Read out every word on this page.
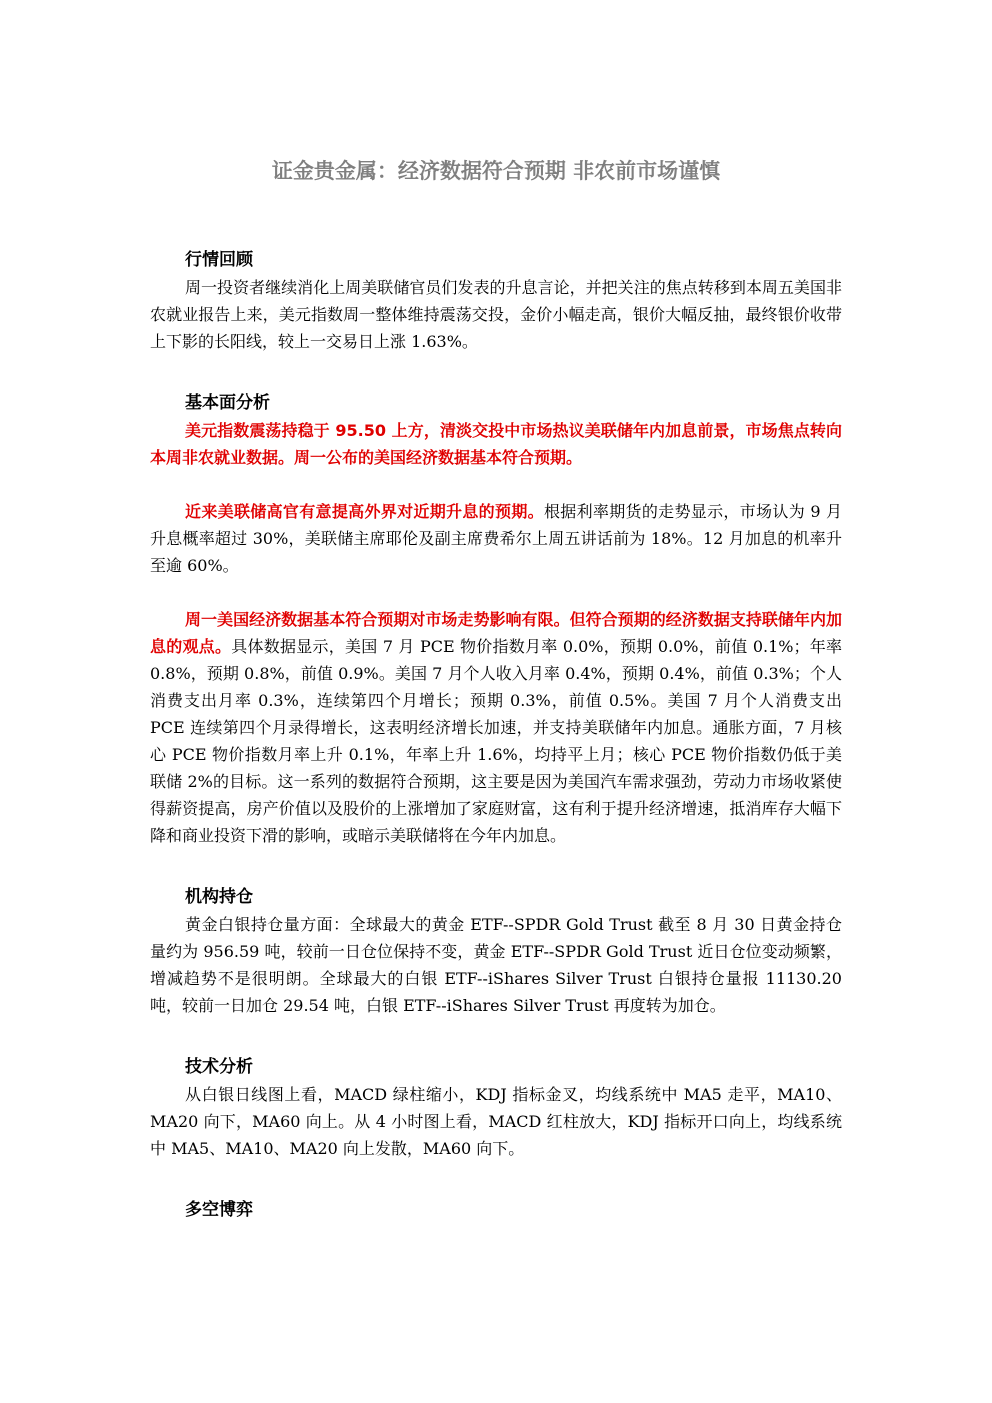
证金贵金属：经济数据符合预期 非农前市场谨慎
行情回顾

周一投资者继续消化上周美联储官员们发表的升息言论，并把关注的焦点转移到本周五美国非农就业报告上来，美元指数周一整体维持震荡交投，金价小幅走高，银价大幅反抽，最终银价收带上下影的长阳线，较上一交易日上涨 1.63%。

基本面分析

美元指数震荡持稳于 95.50 上方，清淡交投中市场热议美联储年内加息前景，市场焦点转向本周非农就业数据。周一公布的美国经济数据基本符合预期。

近来美联储高官有意提高外界对近期升息的预期。根据利率期货的走势显示，市场认为 9 月升息概率超过 30%，美联储主席耶伦及副主席费希尔上周五讲话前为 18%。12 月加息的机率升至逾 60%。

周一美国经济数据基本符合预期对市场走势影响有限。但符合预期的经济数据支持联储年内加息的观点。具体数据显示，美国 7 月 PCE 物价指数月率 0.0%，预期 0.0%，前值 0.1%；年率 0.8%，预期 0.8%，前值 0.9%。美国 7 月个人收入月率 0.4%，预期 0.4%，前值 0.3%；个人消费支出月率 0.3%，连续第四个月增长；预期 0.3%，前值 0.5%。美国 7 月个人消费支出 PCE 连续第四个月录得增长，这表明经济增长加速，并支持美联储年内加息。通胀方面，7 月核心 PCE 物价指数月率上升 0.1%，年率上升 1.6%，均持平上月；核心 PCE 物价指数仍低于美联储 2%的目标。这一系列的数据符合预期，这主要是因为美国汽车需求强劲，劳动力市场收紧使得薪资提高，房产价值以及股价的上涨增加了家庭财富，这有利于提升经济增速，抵消库存大幅下降和商业投资下滑的影响，或暗示美联储将在今年内加息。

机构持仓

黄金白银持仓量方面：全球最大的黄金 ETF--SPDR Gold Trust 截至 8 月 30 日黄金持仓量约为 956.59 吨，较前一日仓位保持不变，黄金 ETF--SPDR Gold Trust 近日仓位变动频繁，增减趋势不是很明朗。全球最大的白银 ETF--iShares Silver Trust 白银持仓量报 11130.20 吨，较前一日加仓 29.54 吨，白银 ETF--iShares Silver Trust 再度转为加仓。

技术分析

从白银日线图上看，MACD 绿柱缩小，KDJ 指标金叉，均线系统中 MA5 走平，MA10、MA20 向下，MA60 向上。从 4 小时图上看，MACD 红柱放大，KDJ 指标开口向上，均线系统中 MA5、MA10、MA20 向上发散，MA60 向下。

多空博弈
